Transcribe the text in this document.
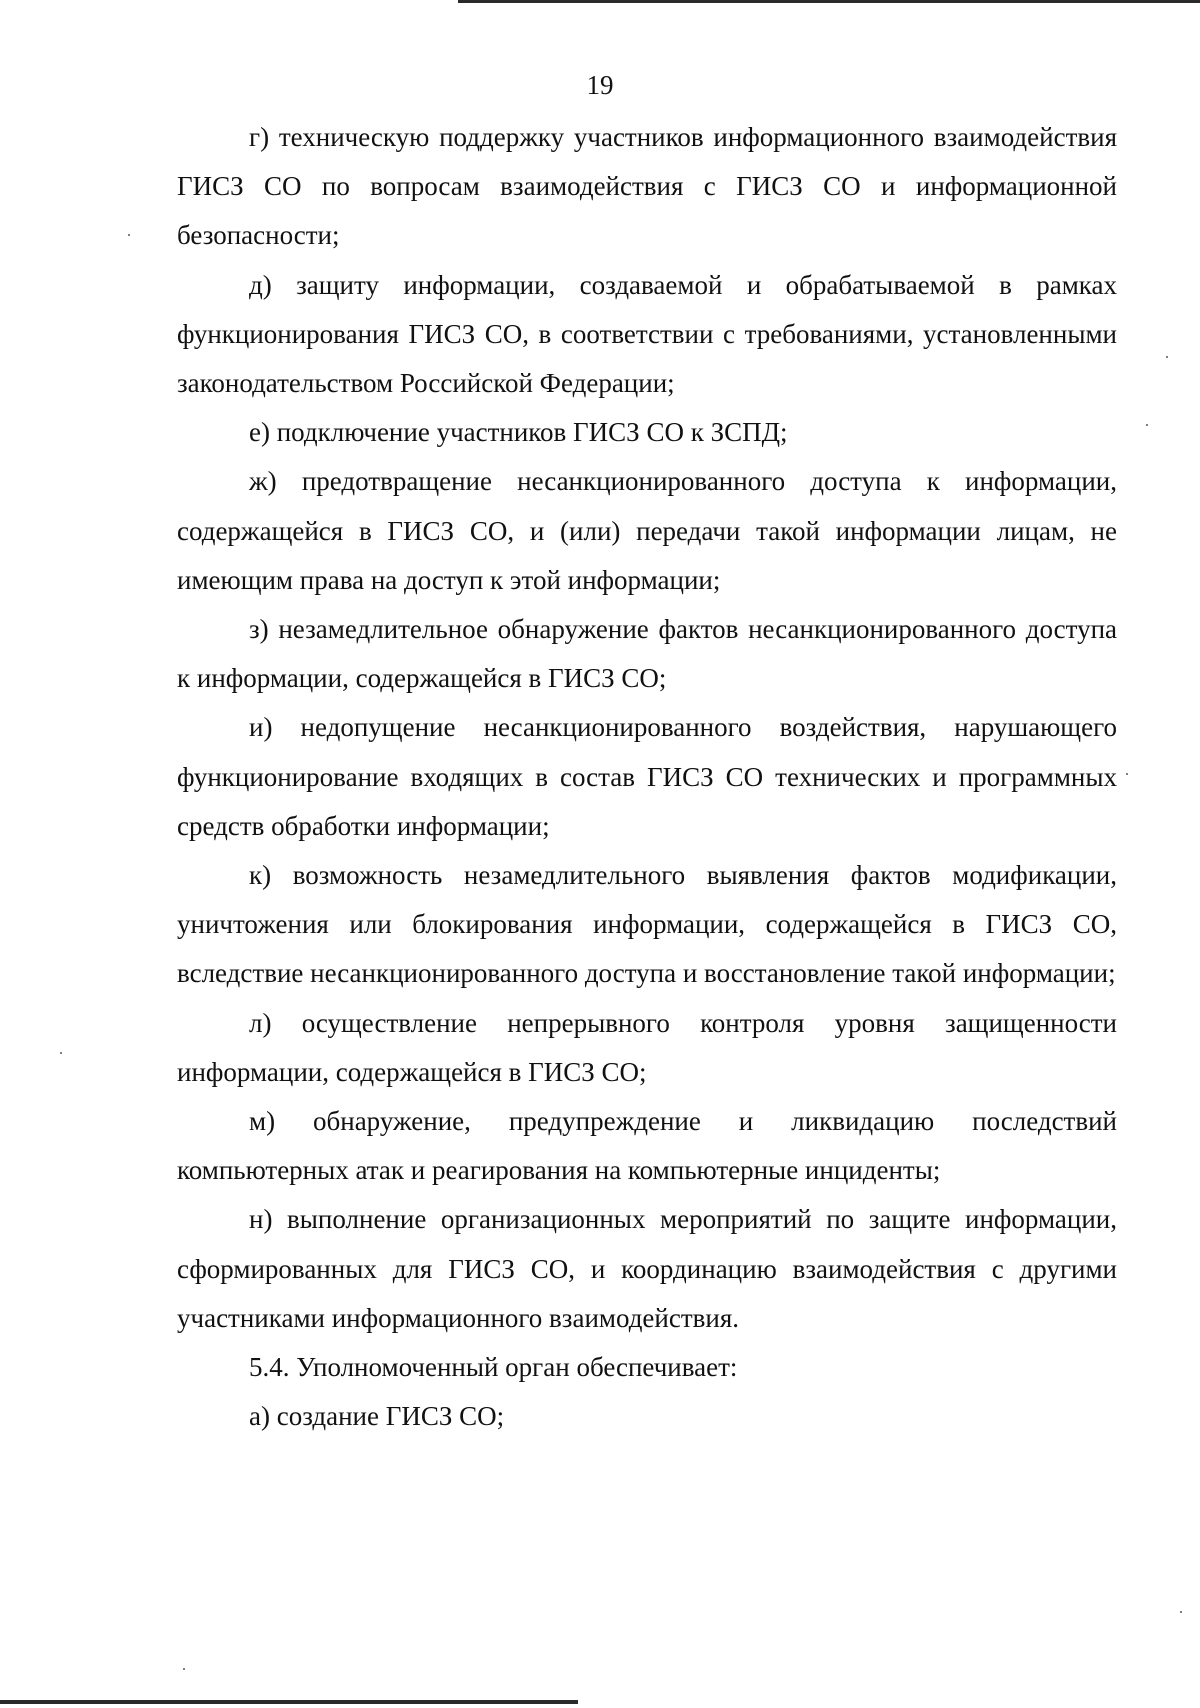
19

г) техническую поддержку участников информационного взаимодействия ГИСЗ СО по вопросам взаимодействия с ГИСЗ СО и информационной безопасности;

д) защиту информации, создаваемой и обрабатываемой в рамках функционирования ГИСЗ СО, в соответствии с требованиями, установленными законодательством Российской Федерации;

е) подключение участников ГИСЗ СО к ЗСПД;

ж) предотвращение несанкционированного доступа к информации, содержащейся в ГИСЗ СО, и (или) передачи такой информации лицам, не имеющим права на доступ к этой информации;

з) незамедлительное обнаружение фактов несанкционированного доступа к информации, содержащейся в ГИСЗ СО;

и) недопущение несанкционированного воздействия, нарушающего функционирование входящих в состав ГИСЗ СО технических и программных средств обработки информации;

к) возможность незамедлительного выявления фактов модификации, уничтожения или блокирования информации, содержащейся в ГИСЗ СО, вследствие несанкционированного доступа и восстановление такой информации;

л) осуществление непрерывного контроля уровня защищенности информации, содержащейся в ГИСЗ СО;

м) обнаружение, предупреждение и ликвидацию последствий компьютерных атак и реагирования на компьютерные инциденты;

н) выполнение организационных мероприятий по защите информации, сформированных для ГИСЗ СО, и координацию взаимодействия с другими участниками информационного взаимодействия.

5.4. Уполномоченный орган обеспечивает:

а) создание ГИСЗ СО;
